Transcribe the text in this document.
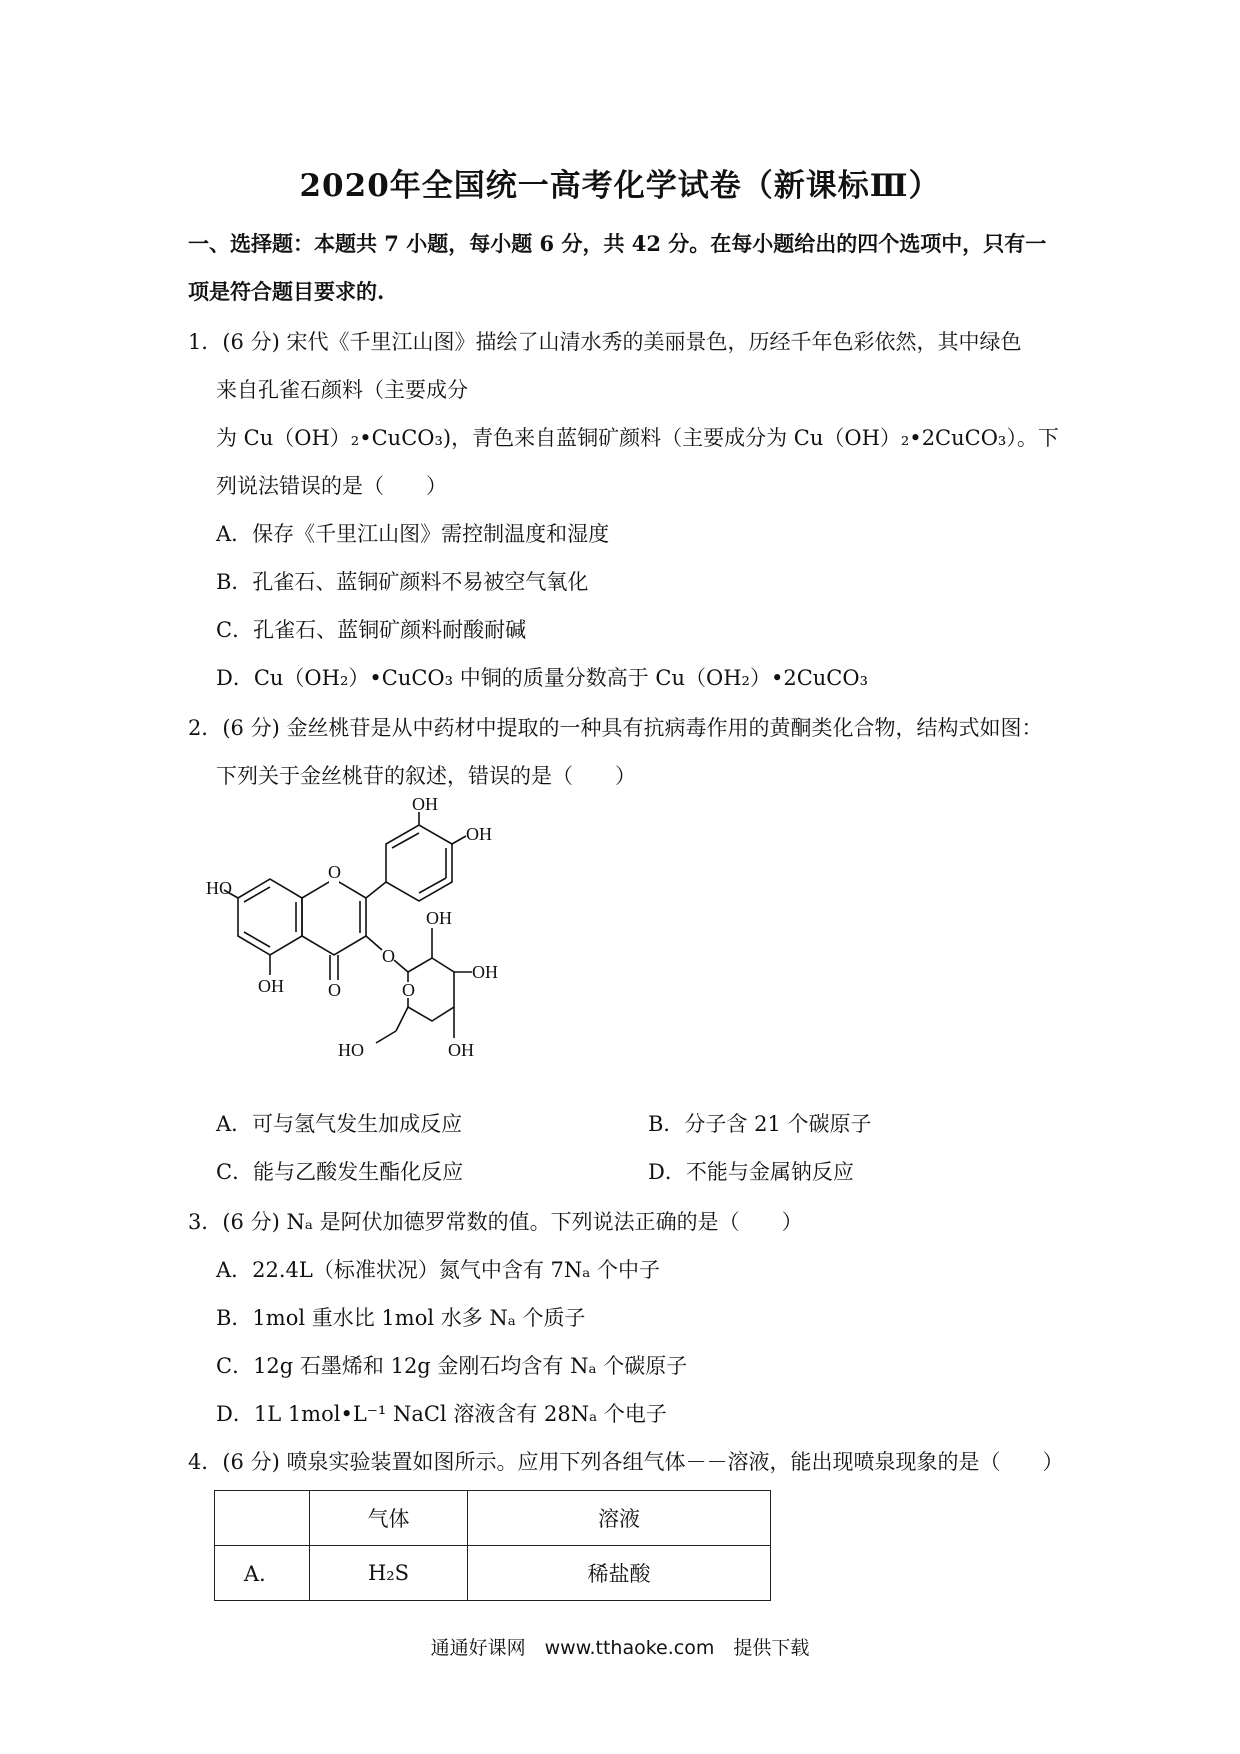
2020年全国统一高考化学试卷（新课标Ⅲ）
一、选择题：本题共 7 小题，每小题 6 分，共 42 分。在每小题给出的四个选项中，只有一
项是符合题目要求的.
1．(6 分) 宋代《千里江山图》描绘了山清水秀的美丽景色，历经千年色彩依然，其中绿色
来自孔雀石颜料（主要成分
为 Cu（OH）₂•CuCO₃)，青色来自蓝铜矿颜料（主要成分为 Cu（OH）₂•2CuCO₃）。下
列说法错误的是（　　）
A．保存《千里江山图》需控制温度和湿度
B．孔雀石、蓝铜矿颜料不易被空气氧化
C．孔雀石、蓝铜矿颜料耐酸耐碱
D．Cu（OH₂）•CuCO₃ 中铜的质量分数高于 Cu（OH₂）•2CuCO₃
2．(6 分) 金丝桃苷是从中药材中提取的一种具有抗病毒作用的黄酮类化合物，结构式如图：
下列关于金丝桃苷的叙述，错误的是（　　）
OH
OH
HO
O
O
OH
OH O	O
OH
OH
HO
A．可与氢气发生加成反应	B．分子含 21 个碳原子
C．能与乙酸发生酯化反应	D．不能与金属钠反应
3．(6 分) Nₐ 是阿伏加德罗常数的值。下列说法正确的是（　　）
A．22.4L（标准状况）氮气中含有 7Nₐ 个中子
B．1mol 重水比 1mol 水多 Nₐ 个质子
C．12g 石墨烯和 12g 金刚石均含有 Nₐ 个碳原子
D．1L 1mol•L⁻¹ NaCl 溶液含有 28Nₐ 个电子
4．(6 分) 喷泉实验装置如图所示。应用下列各组气体－－溶液，能出现喷泉现象的是（　　）
	气体	溶液
A．	H₂S	稀盐酸
通通好课网　www.tthaoke.com　提供下载
